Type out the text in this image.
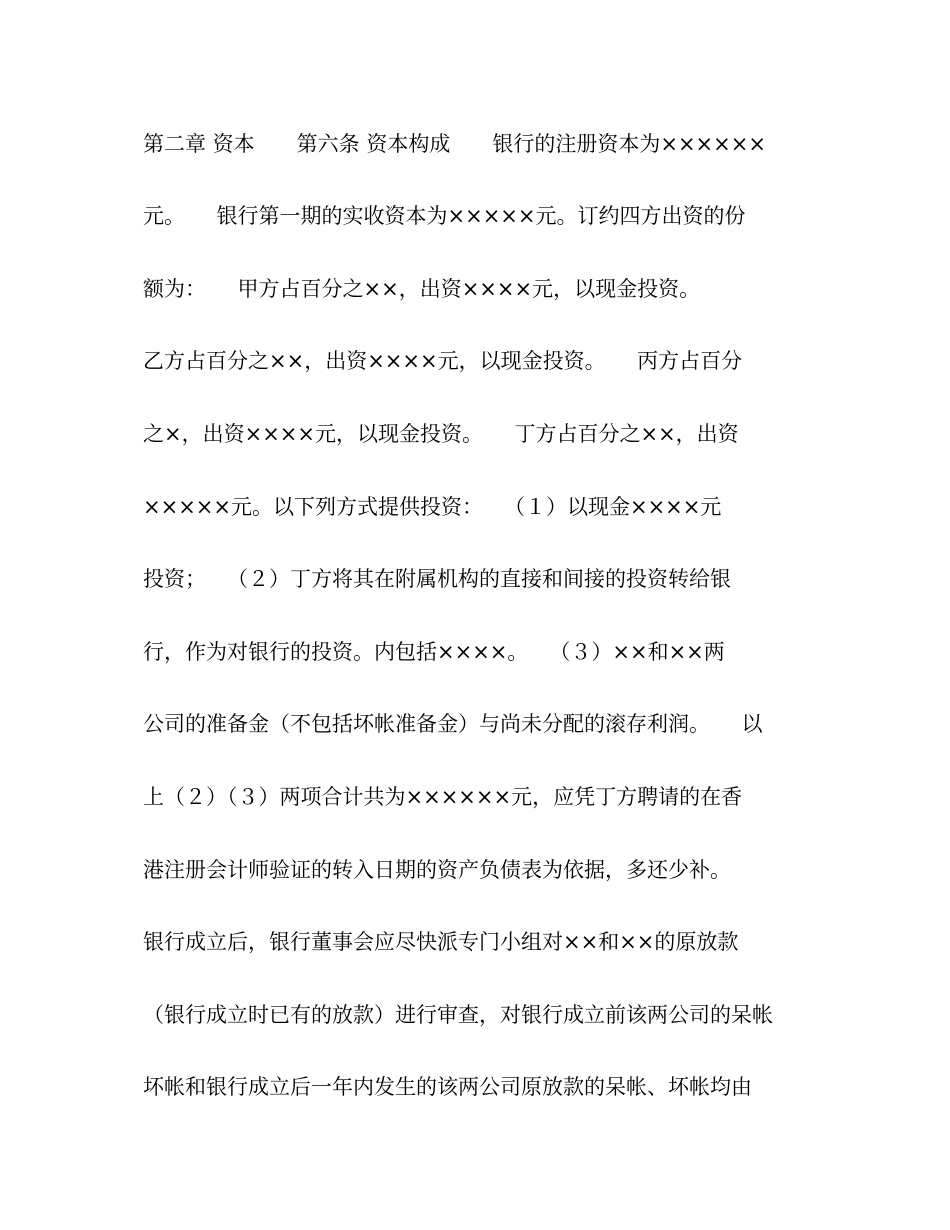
第二章 资本　　第六条 资本构成　　银行的注册资本为××××××
元。　　银行第一期的实收资本为×××××元。订约四方出资的份
额为：　　甲方占百分之××，出资××××元，以现金投资。
乙方占百分之××，出资××××元，以现金投资。　　丙方占百分
之×，出资××××元，以现金投资。　　丁方占百分之××，出资
×××××元。以下列方式提供投资：　　（１）以现金××××元
投资；　　（２）丁方将其在附属机构的直接和间接的投资转给银
行，作为对银行的投资。内包括××××。　　（３）××和××两
公司的准备金（不包括坏帐准备金）与尚未分配的滚存利润。　　以
上（２）（３）两项合计共为××××××元，应凭丁方聘请的在香
港注册会计师验证的转入日期的资产负债表为依据，多还少补。
银行成立后，银行董事会应尽快派专门小组对××和××的原放款
（银行成立时已有的放款）进行审查，对银行成立前该两公司的呆帐
坏帐和银行成立后一年内发生的该两公司原放款的呆帐、坏帐均由
